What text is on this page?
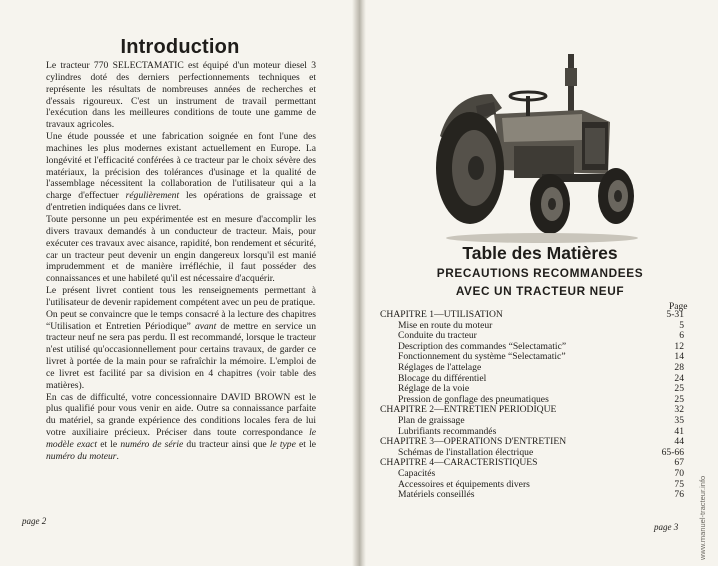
Introduction

Le tracteur 770 SELECTAMATIC est équipé d'un moteur diesel 3 cylindres doté des derniers perfectionnements techniques et représente les résultats de nombreuses années de recherches et d'essais rigoureux. C'est un instrument de travail permettant l'exécution dans les meilleures conditions de toute une gamme de travaux agricoles.

Une étude poussée et une fabrication soignée en font l'une des machines les plus modernes existant actuellement en Europe. La longévité et l'efficacité conférées à ce tracteur par le choix sévère des matériaux, la précision des tolérances d'usinage et la qualité de l'assemblage nécessitent la collaboration de l'utilisateur qui a la charge d'effectuer régulièrement les opérations de graissage et d'entretien indiquées dans ce livret.

Toute personne un peu expérimentée est en mesure d'accomplir les divers travaux demandés à un conducteur de tracteur. Mais, pour exécuter ces travaux avec aisance, rapidité, bon rendement et sécurité, car un tracteur peut devenir un engin dangereux lorsqu'il est manié imprudemment et de manière irréfléchie, il faut posséder des connaissances et une habileté qu'il est nécessaire d'acquérir.

Le présent livret contient tous les renseignements permettant à l'utilisateur de devenir rapidement compétent avec un peu de pratique.

On peut se convaincre que le temps consacré à la lecture des chapitres “Utilisation et Entretien Périodique” avant de mettre en service un tracteur neuf ne sera pas perdu. Il est recommandé, lorsque le tracteur n'est utilisé qu'occasionnellement pour certains travaux, de garder ce livret à portée de la main pour se rafraîchir la mémoire. L'emploi de ce livret est facilité par sa division en 4 chapitres (voir table des matières).

En cas de difficulté, votre concessionnaire DAVID BROWN est le plus qualifié pour vous venir en aide. Outre sa connaissance parfaite du matériel, sa grande expérience des conditions locales fera de lui votre auxiliaire précieux. Préciser dans toute correspondance le modèle exact et le numéro de série du tracteur ainsi que le type et le numéro du moteur.

page 2
Table des Matières
PRECAUTIONS RECOMMANDEES
AVEC UN TRACTEUR NEUF
Page
CHAPITRE 1—UTILISATION	5-31
Mise en route du moteur	5
Conduite du tracteur	6
Description des commandes “Selectamatic”	12
Fonctionnement du système “Selectamatic”	14
Réglages de l'attelage	28
Blocage du différentiel	24
Réglage de la voie	25
Pression de gonflage des pneumatiques	25
CHAPITRE 2—ENTRETIEN PERIODIQUE	32
Plan de graissage	35
Lubrifiants recommandés	41
CHAPITRE 3—OPERATIONS D'ENTRETIEN	44
Schémas de l'installation électrique	65-66
CHAPITRE 4—CARACTERISTIQUES	67
Capacités	70
Accessoires et équipements divers	75
Matériels conseillés	76
page 3	www.manuel-tracteur.info
